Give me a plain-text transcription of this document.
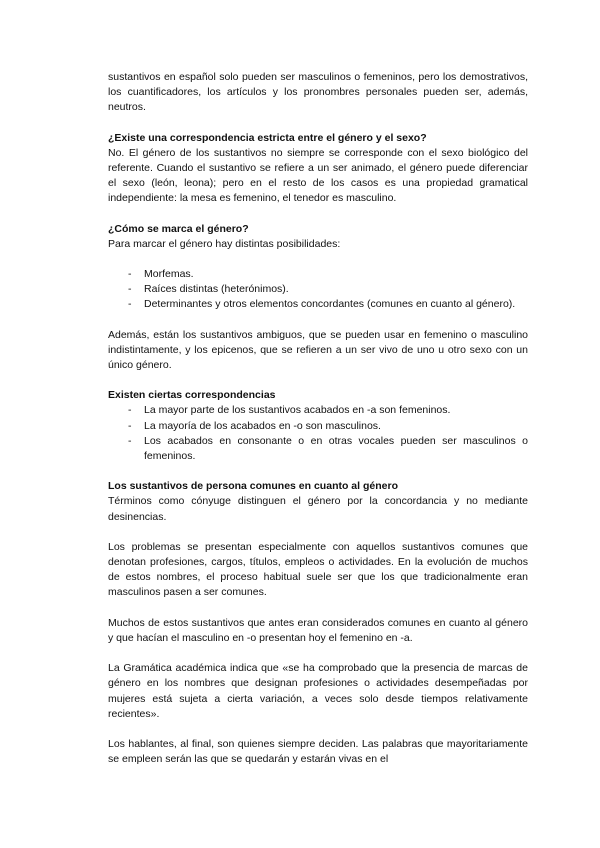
sustantivos en español solo pueden ser masculinos o femeninos, pero los demostrativos, los cuantificadores, los artículos y los pronombres personales pueden ser, además, neutros.

¿Existe una correspondencia estricta entre el género y el sexo?

No. El género de los sustantivos no siempre se corresponde con el sexo biológico del referente. Cuando el sustantivo se refiere a un ser animado, el género puede diferenciar el sexo (león, leona); pero en el resto de los casos es una propiedad gramatical independiente: la mesa es femenino, el tenedor es masculino.

¿Cómo se marca el género?

Para marcar el género hay distintas posibilidades:

- Morfemas.
- Raíces distintas (heterónimos).
- Determinantes y otros elementos concordantes (comunes en cuanto al género).

Además, están los sustantivos ambiguos, que se pueden usar en femenino o masculino indistintamente, y los epicenos, que se refieren a un ser vivo de uno u otro sexo con un único género.

Existen ciertas correspondencias
- La mayor parte de los sustantivos acabados en -a son femeninos.
- La mayoría de los acabados en -o son masculinos.
- Los acabados en consonante o en otras vocales pueden ser masculinos o femeninos.
Los sustantivos de persona comunes en cuanto al género

Términos como cónyuge distinguen el género por la concordancia y no mediante desinencias.

Los problemas se presentan especialmente con aquellos sustantivos comunes que denotan profesiones, cargos, títulos, empleos o actividades. En la evolución de muchos de estos nombres, el proceso habitual suele ser que los que tradicionalmente eran masculinos pasen a ser comunes.

Muchos de estos sustantivos que antes eran considerados comunes en cuanto al género y que hacían el masculino en -o presentan hoy el femenino en -a.

La Gramática académica indica que «se ha comprobado que la presencia de marcas de género en los nombres que designan profesiones o actividades desempeñadas por mujeres está sujeta a cierta variación, a veces solo desde tiempos relativamente recientes».

Los hablantes, al final, son quienes siempre deciden. Las palabras que mayoritariamente se empleen serán las que se quedarán y estarán vivas en el
